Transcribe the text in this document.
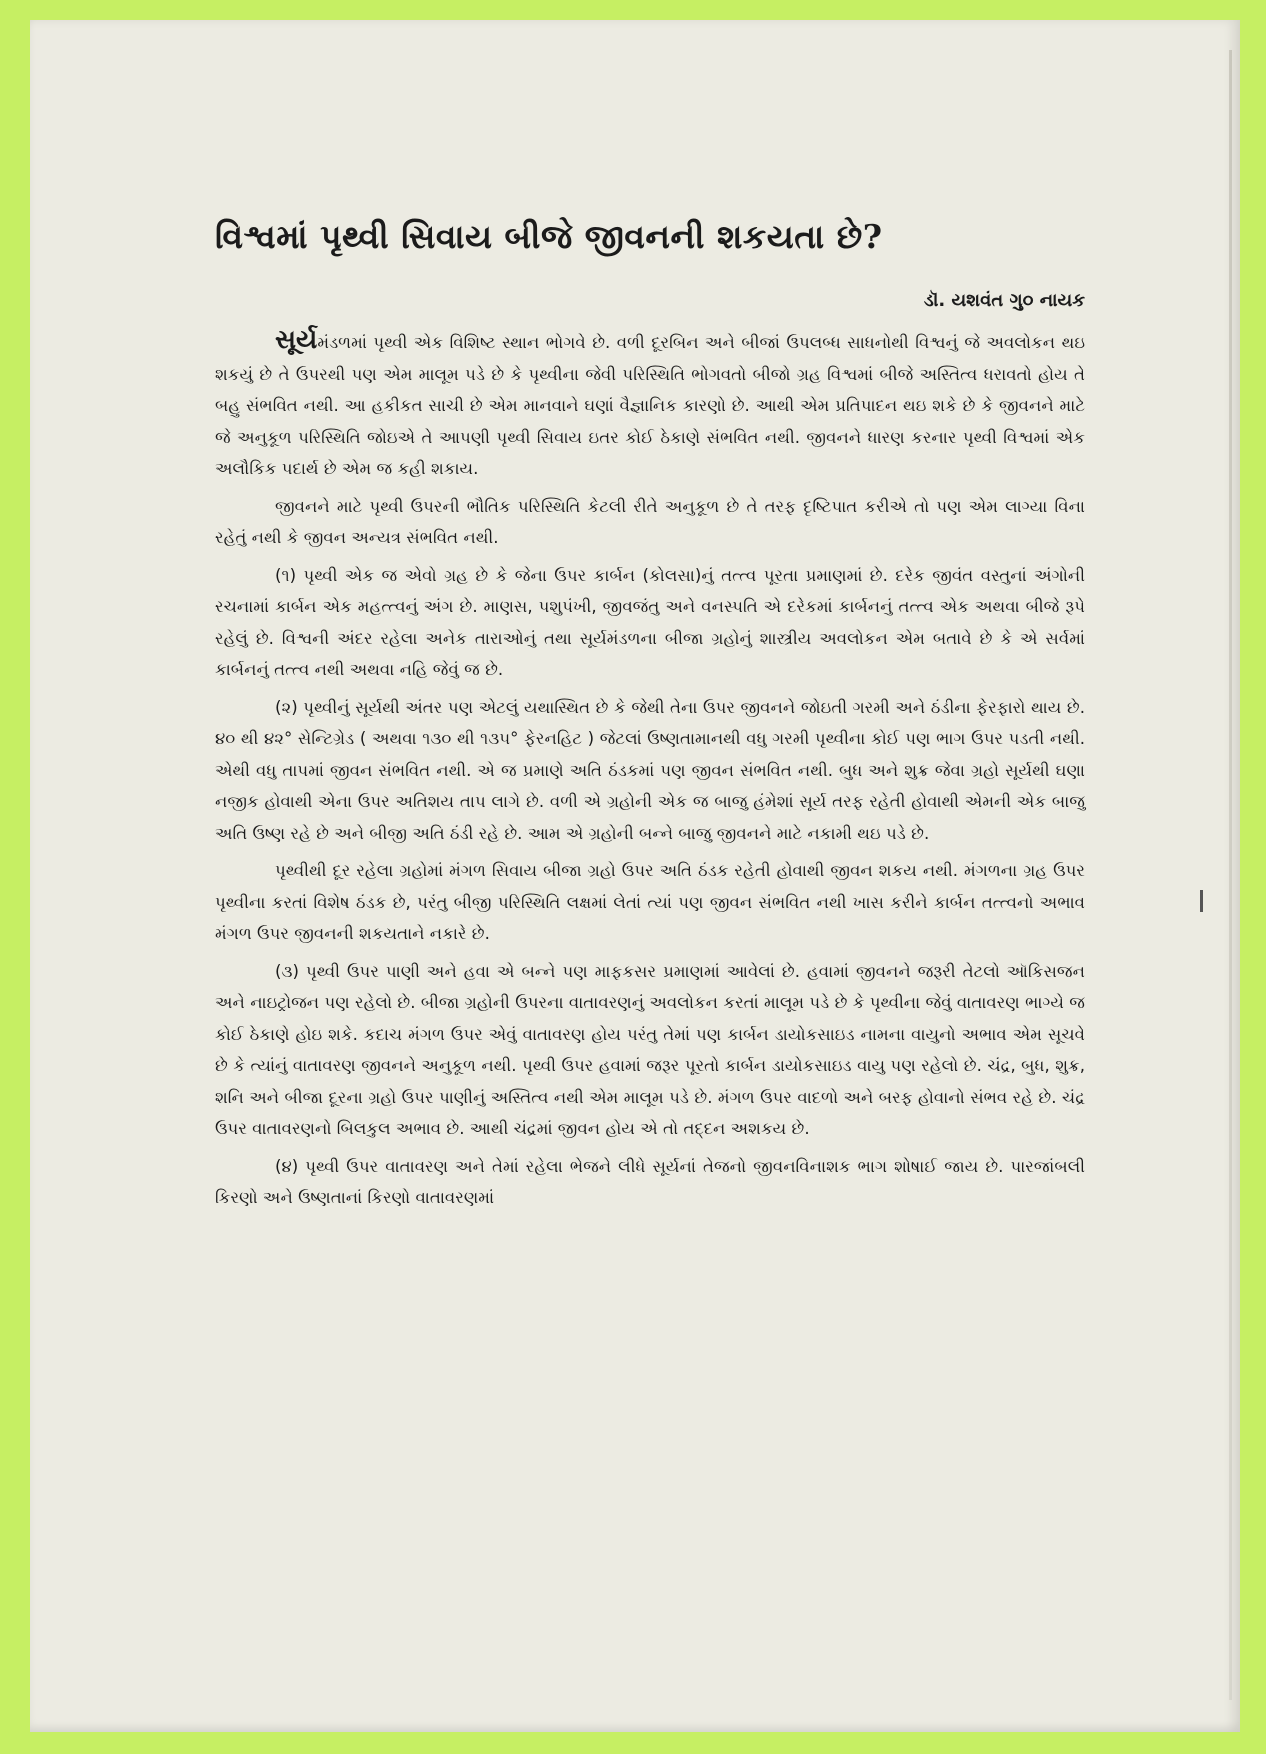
વિશ્વમાં પૃથ્વી સિવાય બીજે જીવનની શકયતા છે?
ડૉ. યશવંત ગુ૦ નાયક

સૂર્યમંડળમાં પૃથ્વી એક વિશિષ્ટ સ્થાન ભોગવે છે. વળી દૂરબિન અને બીજાં ઉપલબ્ધ સાધનોથી વિશ્વનું જે અવલોકન થઇ શકયું છે તે ઉપરથી પણ એમ માલૂમ પડે છે કે પૃથ્વીના જેવી પરિસ્થિતિ ભોગવતો બીજો ગ્રહ વિશ્વમાં બીજે અસ્તિત્વ ધરાવતો હોય તે બહુ સંભવિત નથી. આ હકીકત સાચી છે એમ માનવાને ઘણાં વૈજ્ઞાનિક કારણો છે. આથી એમ પ્રતિપાદન થઇ શકે છે કે જીવનને માટે જે અનુકૂળ પરિસ્થિતિ જોઇએ તે આપણી પૃથ્વી સિવાય ઇતર કોઈ ઠેકાણે સંભવિત નથી. જીવનને ધારણ કરનાર પૃથ્વી વિશ્વમાં એક અલૌકિક પદાર્થ છે એમ જ કહી શકાય.

જીવનને માટે પૃથ્વી ઉપરની ભૌતિક પરિસ્થિતિ કેટલી રીતે અનુકૂળ છે તે તરફ દૃષ્ટિપાત કરીએ તો પણ એમ લાગ્યા વિના રહેતું નથી કે જીવન અન્યત્ર સંભવિત નથી.

(૧) પૃથ્વી એક જ એવો ગ્રહ છે કે જેના ઉપર કાર્બન (કોલસા)નું તત્ત્વ પૂરતા પ્રમાણમાં છે. દરેક જીવંત વસ્તુનાં અંગોની રચનામાં કાર્બન એક મહત્ત્વનું અંગ છે. માણસ, પશુપંખી, જીવજંતુ અને વનસ્પતિ એ દરેકમાં કાર્બનનું તત્ત્વ એક અથવા બીજે રૂપે રહેલું છે. વિશ્વની અંદર રહેલા અનેક તારાઓનું તથા સૂર્યમંડળના બીજા ગ્રહોનું શાસ્ત્રીય અવલોકન એમ બતાવે છે કે એ સર્વમાં કાર્બનનું તત્ત્વ નથી અથવા નહિ જેવું જ છે.

(૨) પૃથ્વીનું સૂર્યથી અંતર પણ એટલું યથાસ્થિત છે કે જેથી તેના ઉપર જીવનને જોઇતી ગરમી અને ઠંડીના ફેરફારો થાય છે. ૪૦ થી ૪૨° સેન્ટિગ્રેડ ( અથવા ૧૩૦ થી ૧૩૫° ફેરનહિટ ) જેટલાં ઉષ્ણતામાનથી વધુ ગરમી પૃથ્વીના કોઈ પણ ભાગ ઉપર પડતી નથી. એથી વધુ તાપમાં જીવન સંભવિત નથી. એ જ પ્રમાણે અતિ ઠંડકમાં પણ જીવન સંભવિત નથી. બુધ અને શુક્ર જેવા ગ્રહો સૂર્યથી ઘણા નજીક હોવાથી એના ઉપર અતિશય તાપ લાગે છે. વળી એ ગ્રહોની એક જ બાજુ હંમેશાં સૂર્ય તરફ રહેતી હોવાથી એમની એક બાજુ અતિ ઉષ્ણ રહે છે અને બીજી અતિ ઠંડી રહે છે. આમ એ ગ્રહોની બન્ને બાજુ જીવનને માટે નકામી થઇ પડે છે.

પૃથ્વીથી દૂર રહેલા ગ્રહોમાં મંગળ સિવાય બીજા ગ્રહો ઉપર અતિ ઠંડક રહેતી હોવાથી જીવન શકય નથી. મંગળના ગ્રહ ઉપર પૃથ્વીના કરતાં વિશેષ ઠંડક છે, પરંતુ બીજી પરિસ્થિતિ લક્ષમાં લેતાં ત્યાં પણ જીવન સંભવિત નથી ખાસ કરીને કાર્બન તત્ત્વનો અભાવ મંગળ ઉપર જીવનની શકયતાને નકારે છે.

(૩) પૃથ્વી ઉપર પાણી અને હવા એ બન્ને પણ માફકસર પ્રમાણમાં આવેલાં છે. હવામાં જીવનને જરૂરી તેટલો ઑકિસજન અને નાઇટ્રોજન પણ રહેલો છે. બીજા ગ્રહોની ઉપરના વાતાવરણનું અવલોકન કરતાં માલૂમ પડે છે કે પૃથ્વીના જેવું વાતાવરણ ભાગ્યે જ કોઈ ઠેકાણે હોઇ શકે. કદાચ મંગળ ઉપર એવું વાતાવરણ હોય પરંતુ તેમાં પણ કાર્બન ડાયોકસાઇડ નામના વાયુનો અભાવ એમ સૂચવે છે કે ત્યાંનું વાતાવરણ જીવનને અનુકૂળ નથી. પૃથ્વી ઉપર હવામાં જરૂર પૂરતો કાર્બન ડાયોકસાઇડ વાયુ પણ રહેલો છે. ચંદ્ર, બુધ, શુક્ર, શનિ અને બીજા દૂરના ગ્રહો ઉપર પાણીનું અસ્તિત્વ નથી એમ માલૂમ પડે છે. મંગળ ઉપર વાદળો અને બરફ હોવાનો સંભવ રહે છે. ચંદ્ર ઉપર વાતાવરણનો બિલકુલ અભાવ છે. આથી ચંદ્રમાં જીવન હોય એ તો તદ્દન અશકય છે.

(૪) પૃથ્વી ઉપર વાતાવરણ અને તેમાં રહેલા ભેજને લીધે સૂર્યનાં તેજનો જીવનવિનાશક ભાગ શોષાઈ જાય છે. પારજાંબલી કિરણો અને ઉષ્ણતાનાં કિરણો વાતાવરણમાં
